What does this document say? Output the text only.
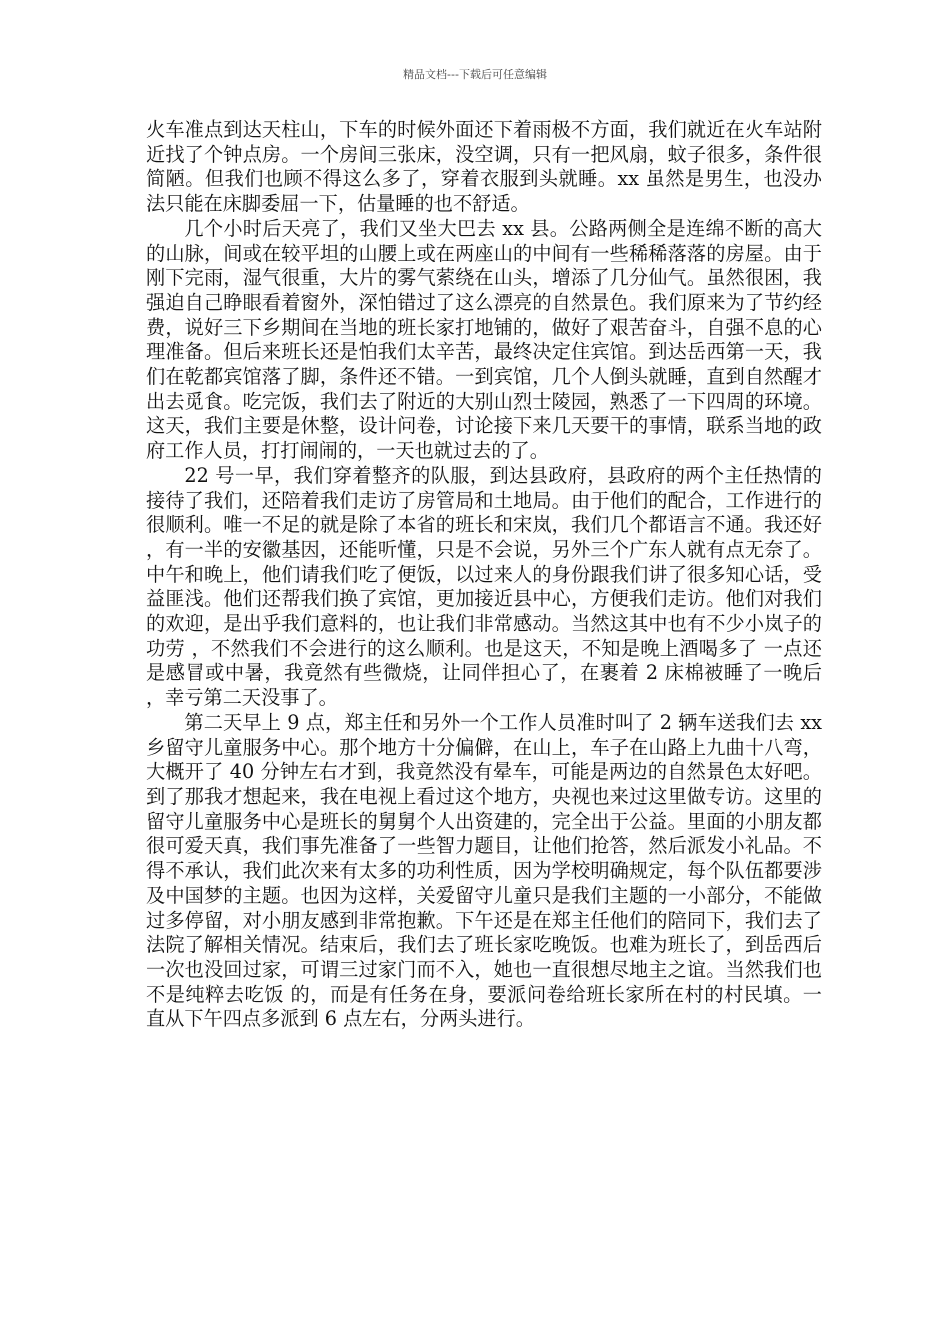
精品文档---下载后可任意编辑

火车准点到达天柱山，下车的时候外面还下着雨极不方面，我们就近在火车站附近找了个钟点房。一个房间三张床，没空调，只有一把风扇，蚊子很多，条件很简陋。但我们也顾不得这么多了，穿着衣服到头就睡。xx 虽然是男生，也没办法只能在床脚委屈一下，估量睡的也不舒适。

几个小时后天亮了，我们又坐大巴去 xx 县。公路两侧全是连绵不断的高大的山脉，间或在较平坦的山腰上或在两座山的中间有一些稀稀落落的房屋。由于刚下完雨，湿气很重，大片的雾气萦绕在山头，增添了几分仙气。虽然很困，我强迫自己睁眼看着窗外，深怕错过了这么漂亮的自然景色。我们原来为了节约经费，说好三下乡期间在当地的班长家打地铺的，做好了艰苦奋斗，自强不息的心理准备。但后来班长还是怕我们太辛苦，最终决定住宾馆。到达岳西第一天，我们在乾都宾馆落了脚，条件还不错。一到宾馆，几个人倒头就睡，直到自然醒才出去觅食。吃完饭，我们去了附近的大别山烈士陵园，熟悉了一下四周的环境。这天，我们主要是休整，设计问卷，讨论接下来几天要干的事情，联系当地的政府工作人员，打打闹闹的，一天也就过去的了。

22 号一早，我们穿着整齐的队服，到达县政府，县政府的两个主任热情的接待了我们，还陪着我们走访了房管局和土地局。由于他们的配合，工作进行的很顺利。唯一不足的就是除了本省的班长和宋岚，我们几个都语言不通。我还好，有一半的安徽基因，还能听懂，只是不会说，另外三个广东人就有点无奈了。中午和晚上，他们请我们吃了便饭，以过来人的身份跟我们讲了很多知心话，受益匪浅。他们还帮我们换了宾馆，更加接近县中心，方便我们走访。他们对我们的欢迎，是出乎我们意料的，也让我们非常感动。当然这其中也有不少小岚子的功劳 ，不然我们不会进行的这么顺利。也是这天，不知是晚上酒喝多了 一点还是感冒或中暑，我竟然有些微烧，让同伴担心了，在裹着 2 床棉被睡了一晚后，幸亏第二天没事了。

第二天早上 9 点，郑主任和另外一个工作人员准时叫了 2 辆车送我们去 xx 乡留守儿童服务中心。那个地方十分偏僻，在山上，车子在山路上九曲十八弯，大概开了 40 分钟左右才到，我竟然没有晕车，可能是两边的自然景色太好吧。到了那我才想起来，我在电视上看过这个地方，央视也来过这里做专访。这里的留守儿童服务中心是班长的舅舅个人出资建的，完全出于公益。里面的小朋友都很可爱天真，我们事先准备了一些智力题目，让他们抢答，然后派发小礼品。不得不承认，我们此次来有太多的功利性质，因为学校明确规定，每个队伍都要涉及中国梦的主题。也因为这样，关爱留守儿童只是我们主题的一小部分，不能做过多停留，对小朋友感到非常抱歉。下午还是在郑主任他们的陪同下，我们去了法院了解相关情况。结束后，我们去了班长家吃晚饭。也难为班长了，到岳西后一次也没回过家，可谓三过家门而不入，她也一直很想尽地主之谊。当然我们也不是纯粹去吃饭 的，而是有任务在身，要派问卷给班长家所在村的村民填。一直从下午四点多派到 6 点左右，分两头进行。
